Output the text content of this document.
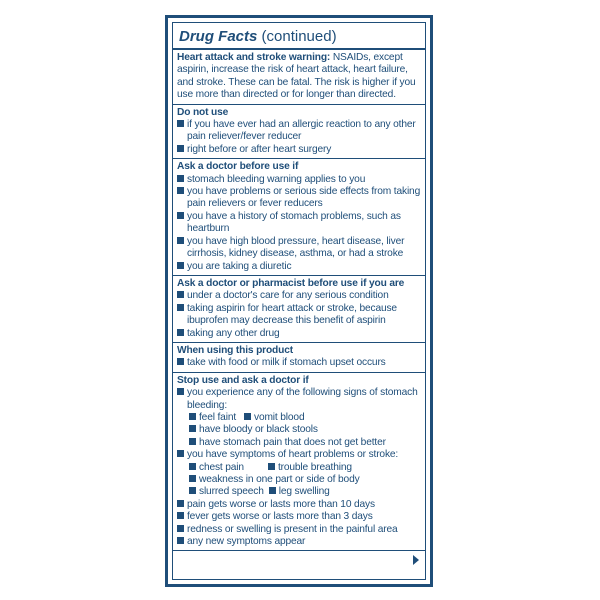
Drug Facts (continued)
Heart attack and stroke warning: NSAIDs, except aspirin, increase the risk of heart attack, heart failure, and stroke. These can be fatal. The risk is higher if you use more than directed or for longer than directed.
Do not use
if you have ever had an allergic reaction to any other pain reliever/fever reducer
right before or after heart surgery
Ask a doctor before use if
stomach bleeding warning applies to you
you have problems or serious side effects from taking pain relievers or fever reducers
you have a history of stomach problems, such as heartburn
you have high blood pressure, heart disease, liver cirrhosis, kidney disease, asthma, or had a stroke
you are taking a diuretic
Ask a doctor or pharmacist before use if you are
under a doctor's care for any serious condition
taking aspirin for heart attack or stroke, because ibuprofen may decrease this benefit of aspirin
taking any other drug
When using this product
take with food or milk if stomach upset occurs
Stop use and ask a doctor if
you experience any of the following signs of stomach bleeding:
feel faint vomit blood
have bloody or black stools
have stomach pain that does not get better
you have symptoms of heart problems or stroke:
chest pain	trouble breathing
weakness in one part or side of body
slurred speech leg swelling
pain gets worse or lasts more than 10 days
fever gets worse or lasts more than 3 days
redness or swelling is present in the painful area
any new symptoms appear
